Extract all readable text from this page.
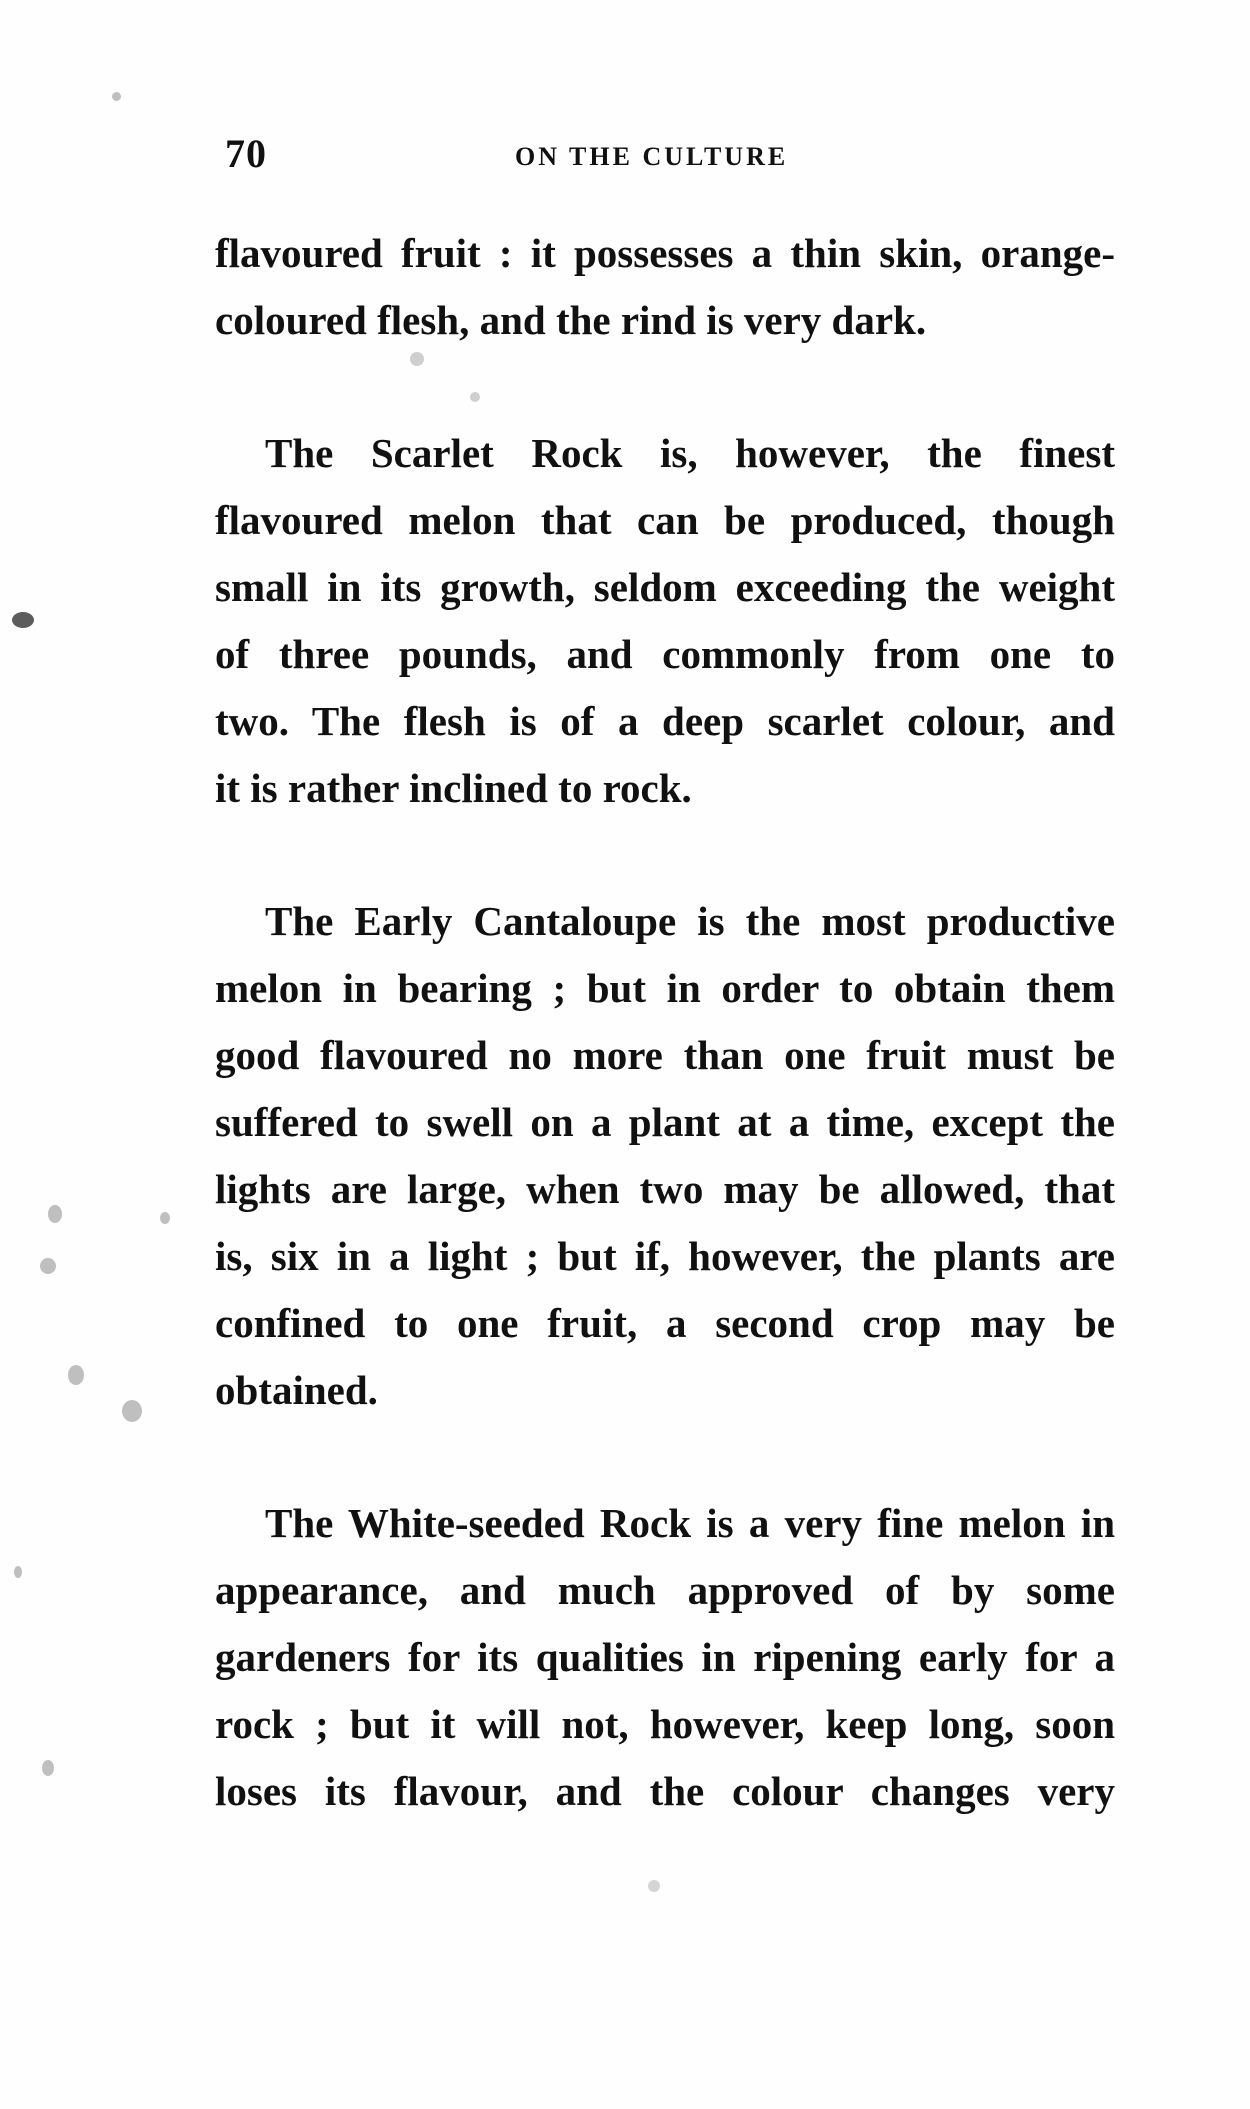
70	ON THE CULTURE
flavoured fruit : it possesses a thin skin, orange-
coloured flesh, and the rind is very dark.
The Scarlet Rock is, however, the finest
flavoured melon that can be produced, though
small in its growth, seldom exceeding the weight
of three pounds, and commonly from one to
two. The flesh is of a deep scarlet colour, and
it is rather inclined to rock.
The Early Cantaloupe is the most productive
melon in bearing ; but in order to obtain them
good flavoured no more than one fruit must be
suffered to swell on a plant at a time, except the
lights are large, when two may be allowed, that
is, six in a light ; but if, however, the plants are
confined to one fruit, a second crop may be
obtained.
The White-seeded Rock is a very fine melon in
appearance, and much approved of by some
gardeners for its qualities in ripening early for a
rock ; but it will not, however, keep long, soon
loses its flavour, and the colour changes very
